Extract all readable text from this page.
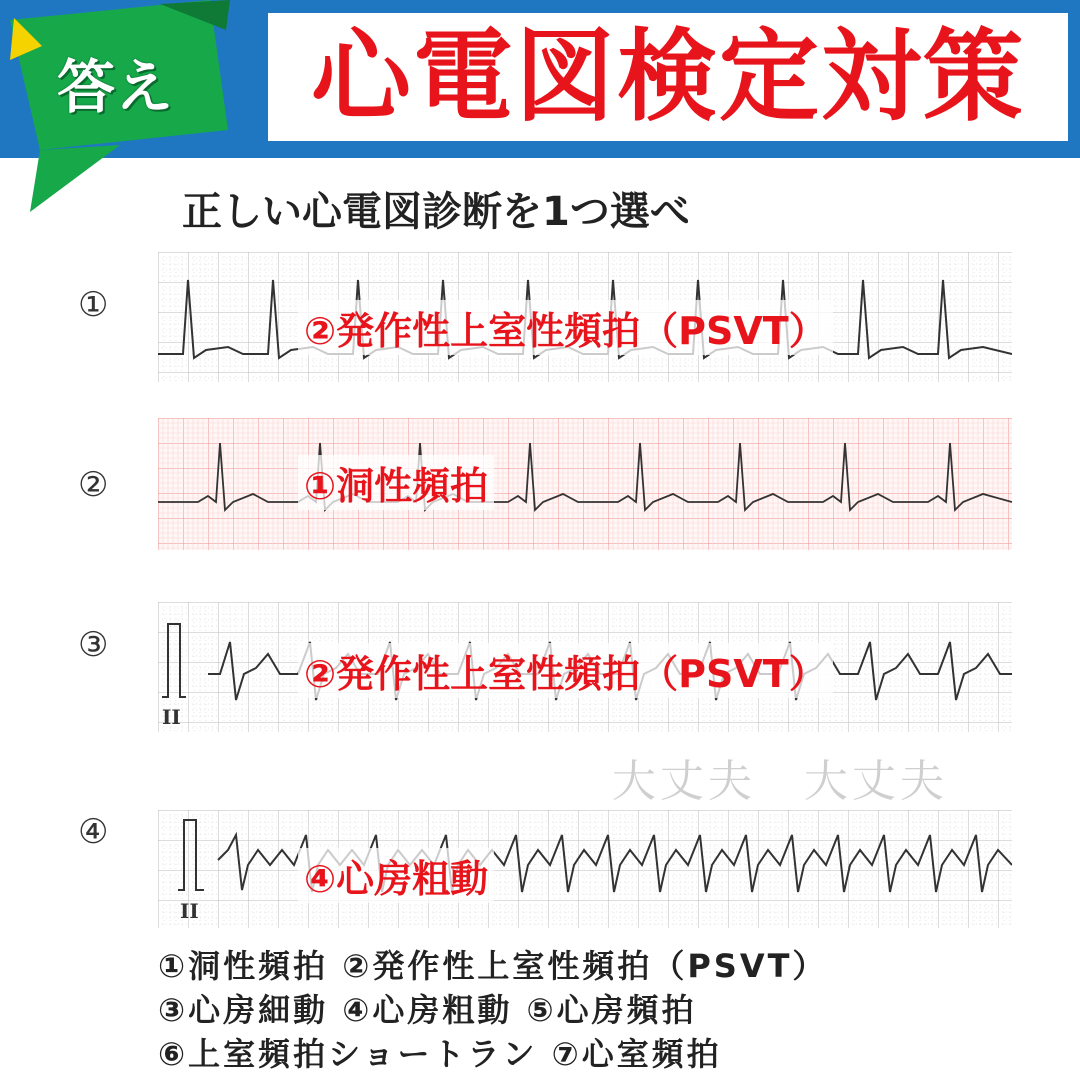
心電図検定対策
答え
正しい心電図診断を1つ選べ
①
②発作性上室性頻拍（PSVT）
②	①洞性頻拍
③
II
②発作性上室性頻拍（PSVT）
④
II
④心房粗動
大丈夫　大丈夫
①洞性頻拍 ②発作性上室性頻拍（PSVT）
③心房細動 ④心房粗動 ⑤心房頻拍
⑥上室頻拍ショートラン ⑦心室頻拍
